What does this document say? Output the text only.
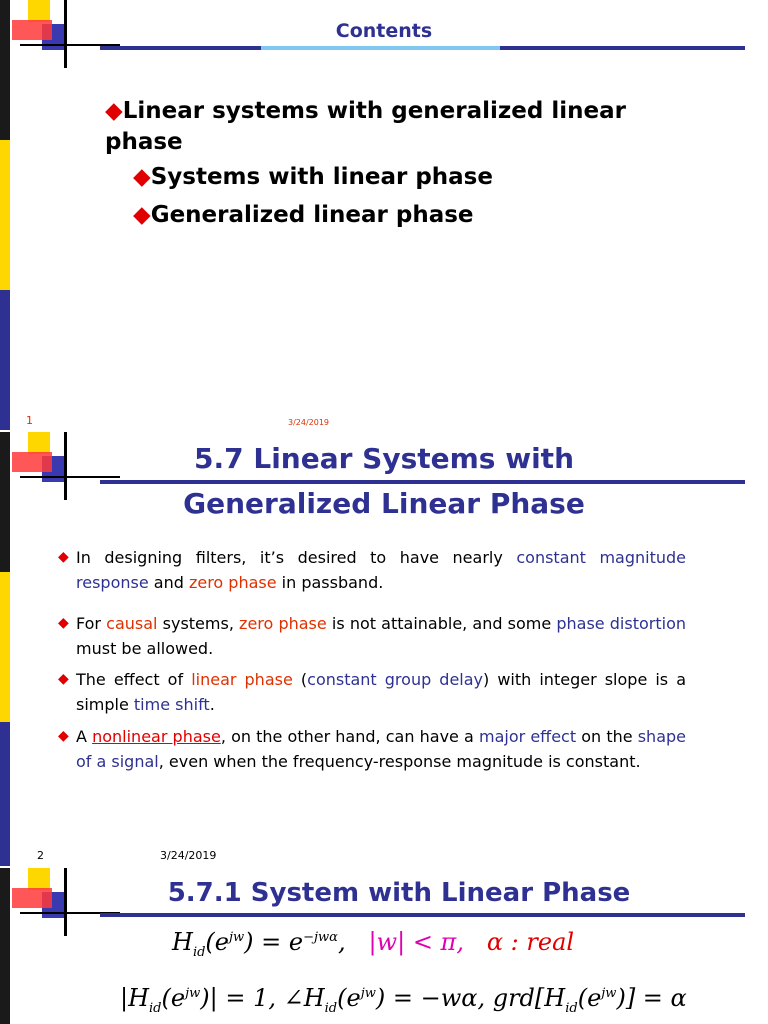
Contents
◆Linear systems with generalized linear phase
◆Systems with linear phase
◆Generalized linear phase
1	3/24/2019
5.7 Linear Systems with
Generalized Linear Phase
◆ In designing filters, it’s desired to have nearly constant magnitude response and zero phase in passband.
◆ For causal systems, zero phase is not attainable, and some phase distortion must be allowed.
◆ The effect of linear phase (constant group delay) with integer slope is a simple time shift.
◆ A nonlinear phase, on the other hand, can have a major effect on the shape of a signal, even when the frequency-response magnitude is constant.
2	3/24/2019
5.7.1 System with Linear Phase
$H_{id}(e^{jw}) = e^{-jw\alpha}$,   |w| < π, α : real
$|H_{id}(e^{jw})| = 1$, $\angle H_{id}(e^{jw}) = -w\alpha$, $grd[H_{id}(e^{jw})] = \alpha$
